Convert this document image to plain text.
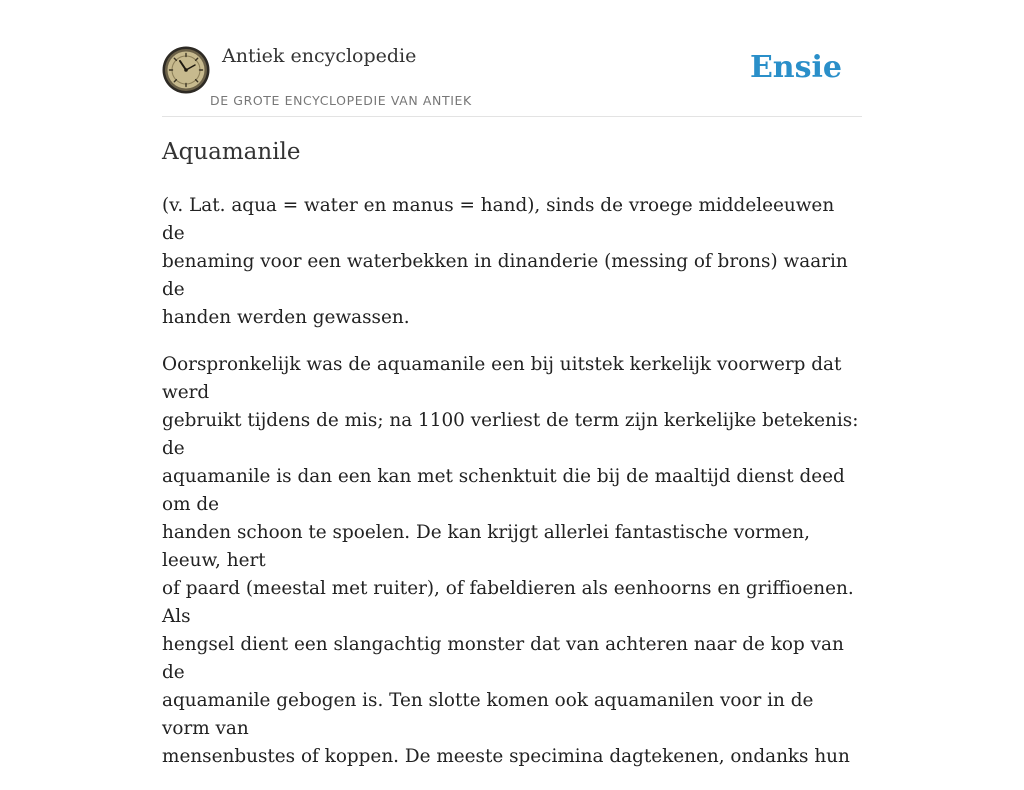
Antiek encyclopedie
DE GROTE ENCYCLOPEDIE VAN ANTIEK
Ensie
Aquamanile

(v. Lat. aqua = water en manus = hand), sinds de vroege middeleeuwen de
benaming voor een waterbekken in dinanderie (messing of brons) waarin de
handen werden gewassen.

Oorspronkelijk was de aquamanile een bij uitstek kerkelijk voorwerp dat werd
gebruikt tijdens de mis; na 1100 verliest de term zijn kerkelijke betekenis: de
aquamanile is dan een kan met schenktuit die bij de maaltijd dienst deed om de
handen schoon te spoelen. De kan krijgt allerlei fantastische vormen, leeuw, hert
of paard (meestal met ruiter), of fabeldieren als eenhoorns en griffioenen. Als
hengsel dient een slangachtig monster dat van achteren naar de kop van de
aquamanile gebogen is. Ten slotte komen ook aquamanilen voor in de vorm van
mensenbustes of koppen. De meeste specimina dagtekenen, ondanks hun
